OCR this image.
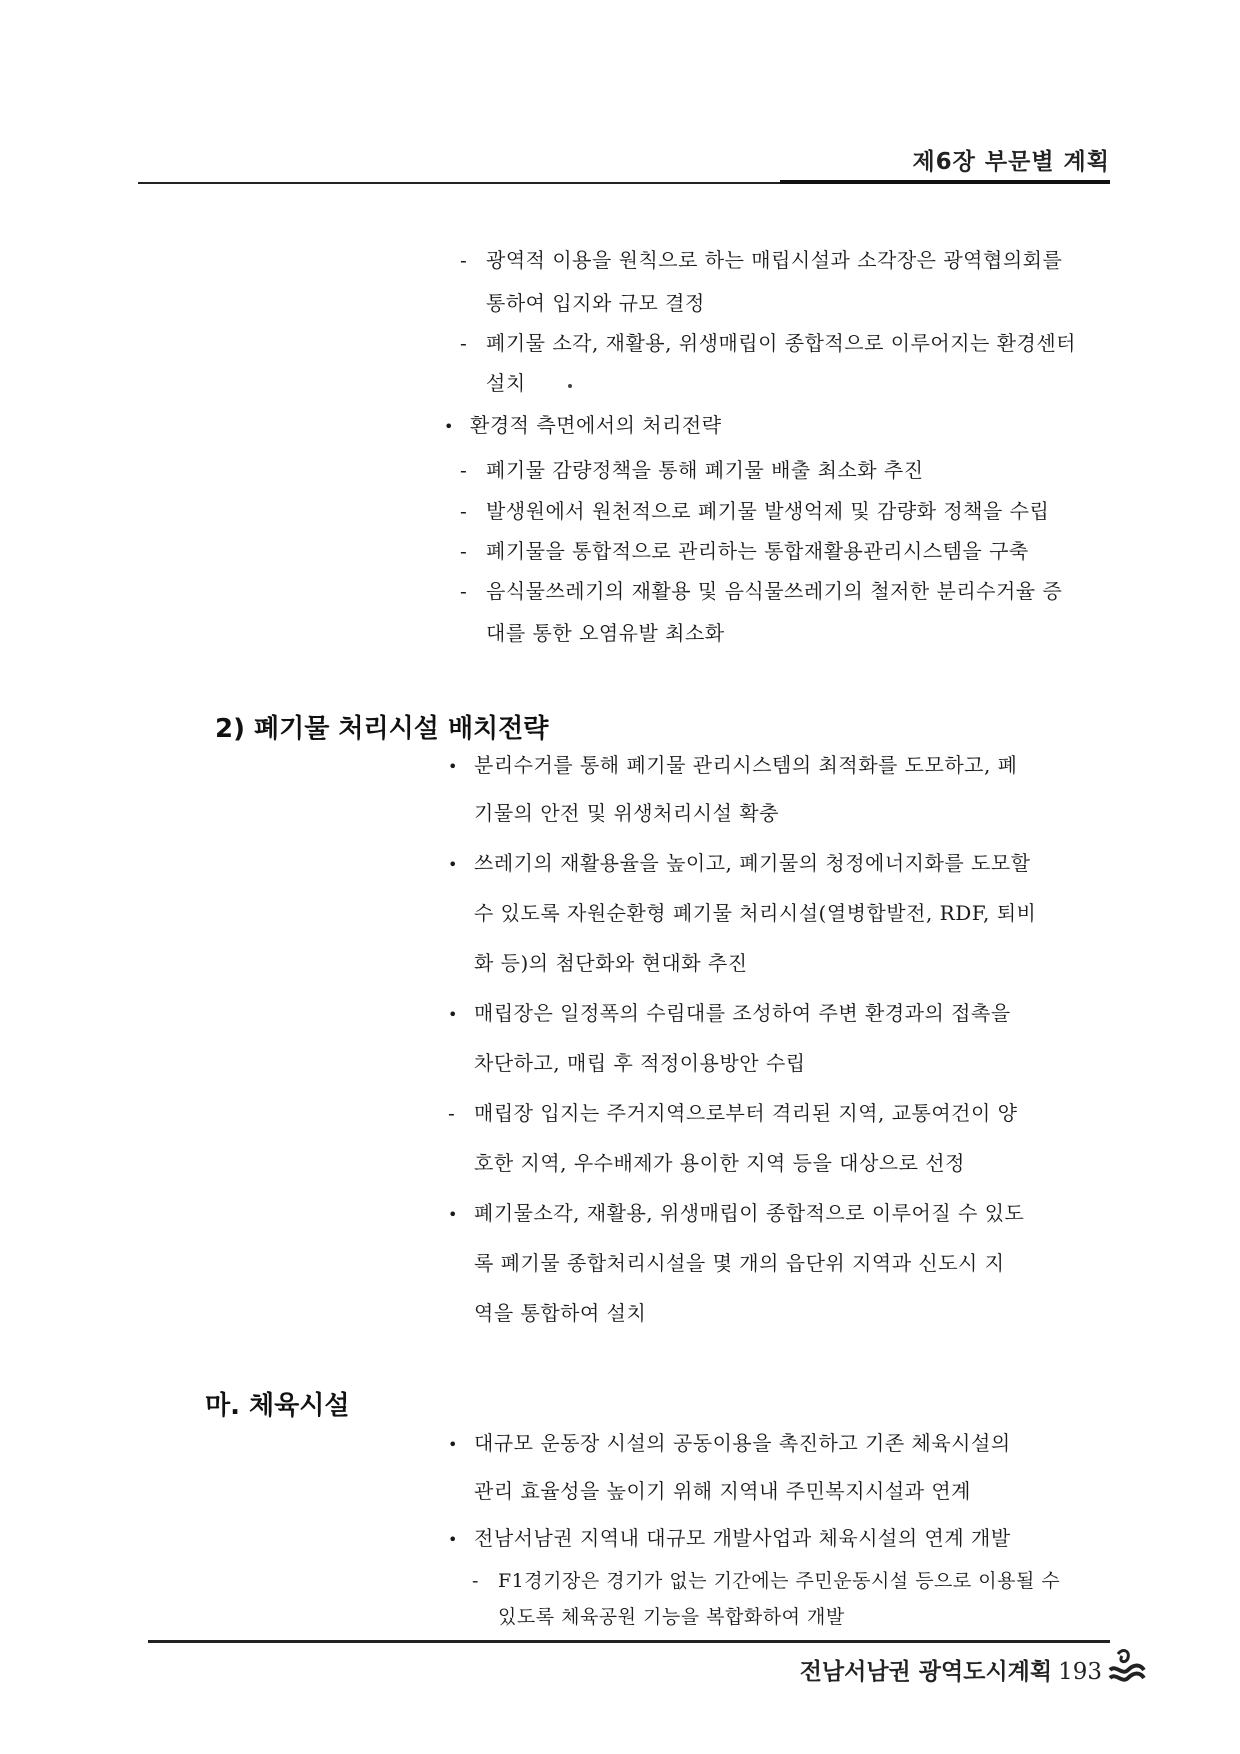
제6장 부문별 계획
- 광역적 이용을 원칙으로 하는 매립시설과 소각장은 광역협의회를
통하여 입지와 규모 결정
- 폐기물 소각, 재활용, 위생매립이 종합적으로 이루어지는 환경센터
설치
• 환경적 측면에서의 처리전략
- 폐기물 감량정책을 통해 폐기물 배출 최소화 추진
- 발생원에서 원천적으로 폐기물 발생억제 및 감량화 정책을 수립
- 폐기물을 통합적으로 관리하는 통합재활용관리시스템을 구축
- 음식물쓰레기의 재활용 및 음식물쓰레기의 철저한 분리수거율 증
대를 통한 오염유발 최소화
2) 폐기물 처리시설 배치전략
• 분리수거를 통해 폐기물 관리시스템의 최적화를 도모하고, 폐
기물의 안전 및 위생처리시설 확충
• 쓰레기의 재활용율을 높이고, 폐기물의 청정에너지화를 도모할
수 있도록 자원순환형 폐기물 처리시설(열병합발전, RDF, 퇴비
화 등)의 첨단화와 현대화 추진
• 매립장은 일정폭의 수림대를 조성하여 주변 환경과의 접촉을
차단하고, 매립 후 적정이용방안 수립
- 매립장 입지는 주거지역으로부터 격리된 지역, 교통여건이 양
호한 지역, 우수배제가 용이한 지역 등을 대상으로 선정
• 폐기물소각, 재활용, 위생매립이 종합적으로 이루어질 수 있도
록 폐기물 종합처리시설을 몇 개의 읍단위 지역과 신도시 지
역을 통합하여 설치
마. 체육시설
• 대규모 운동장 시설의 공동이용을 촉진하고 기존 체육시설의
관리 효율성을 높이기 위해 지역내 주민복지시설과 연계
• 전남서남권 지역내 대규모 개발사업과 체육시설의 연계 개발
- F1경기장은 경기가 없는 기간에는 주민운동시설 등으로 이용될 수
있도록 체육공원 기능을 복합화하여 개발
전남서남권 광역도시계획 193
